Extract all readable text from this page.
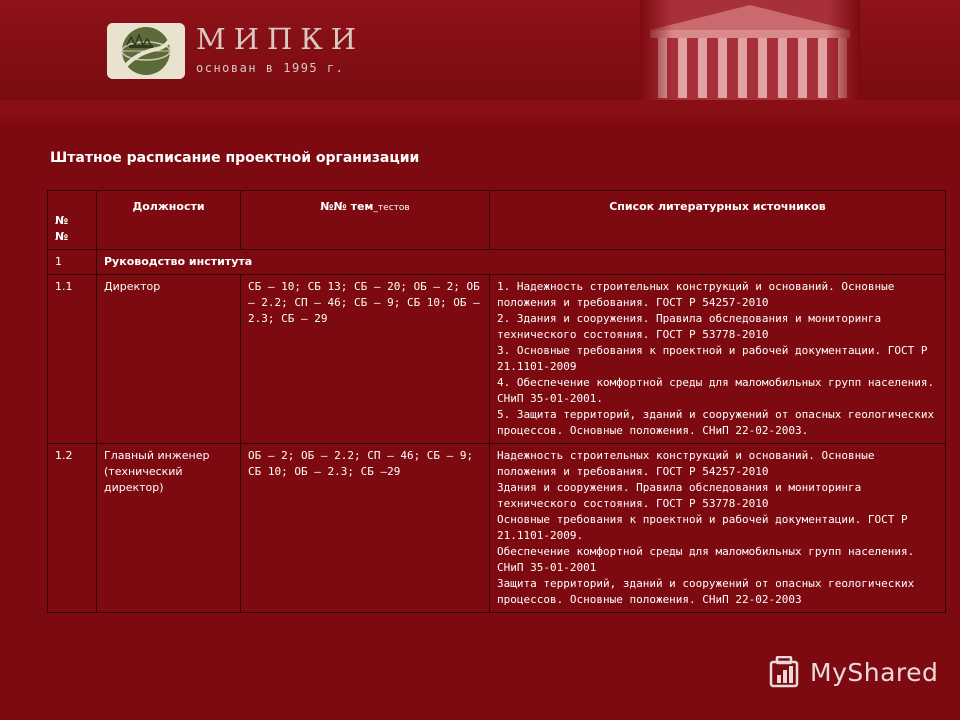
МИПКИ
основан в 1995 г.
Штатное расписание проектной организации
№
№	Должности	№№ тем_тестов	Список литературных источников
1	Руководство института		
1.1	Директор	СБ – 10; СБ 13; СБ – 20; ОБ – 2; ОБ – 2.2; СП – 46; СБ – 9; СБ 10; ОБ – 2.3; СБ – 29	1. Надежность строительных конструкций и оснований. Основные положения и требования. ГОСТ Р 54257-2010
2. Здания и сооружения. Правила обследования и мониторинга технического состояния. ГОСТ Р 53778-2010
3. Основные требования к проектной и рабочей документации. ГОСТ Р 21.1101-2009
4. Обеспечение комфортной среды для маломобильных групп населения. СНиП 35-01-2001.
5. Защита территорий, зданий и сооружений от опасных геологических процессов. Основные положения. СНиП 22-02-2003.
1.2	Главный инженер (технический директор)	ОБ – 2; ОБ – 2.2; СП – 46; СБ – 9; СБ 10; ОБ – 2.3; СБ –29	Надежность строительных конструкций и оснований. Основные положения и требования. ГОСТ Р 54257-2010
Здания и сооружения. Правила обследования и мониторинга технического состояния. ГОСТ Р 53778-2010
Основные требования к проектной и рабочей документации. ГОСТ Р 21.1101-2009.
Обеспечение комфортной среды для маломобильных групп населения. СНиП 35-01-2001
Защита территорий, зданий и сооружений от опасных геологических процессов. Основные положения. СНиП 22-02-2003
MyShared
